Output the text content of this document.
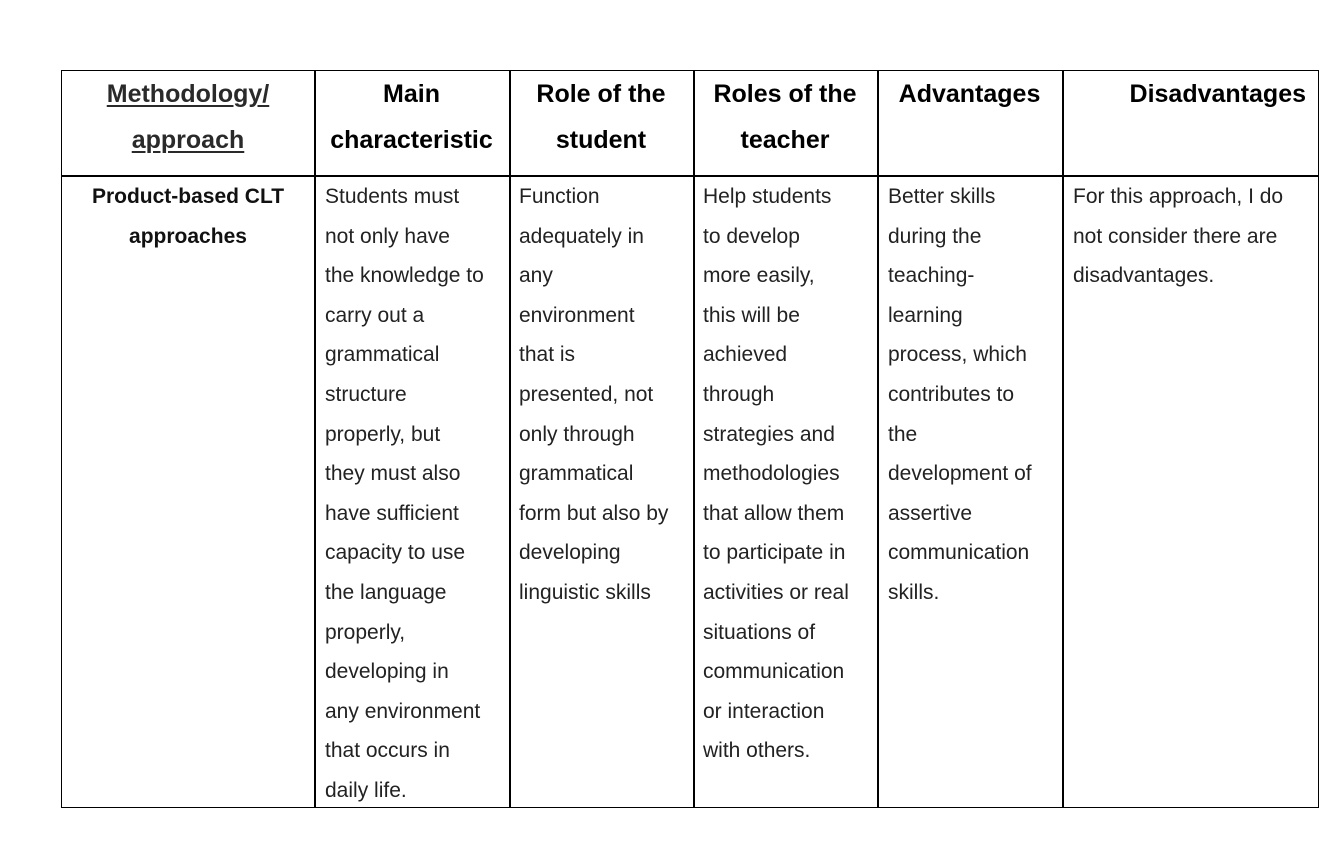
Methodology/
approach
Main
characteristic
Role of the
student
Roles of the
teacher
Advantages	Disadvantages
Product-based CLT
approaches
Students must
not only have
the knowledge to
carry out a
grammatical
structure
properly, but
they must also
have sufficient
capacity to use
the language
properly,
developing in
any environment
that occurs in
daily life.
Function
adequately in
any
environment
that is
presented, not
only through
grammatical
form but also by
developing
linguistic skills
Help students
to develop
more easily,
this will be
achieved
through
strategies and
methodologies
that allow them
to participate in
activities or real
situations of
communication
or interaction
with others.
Better skills
during the
teaching-
learning
process, which
contributes to
the
development of
assertive
communication
skills.
For this approach, I do
not consider there are
disadvantages.
